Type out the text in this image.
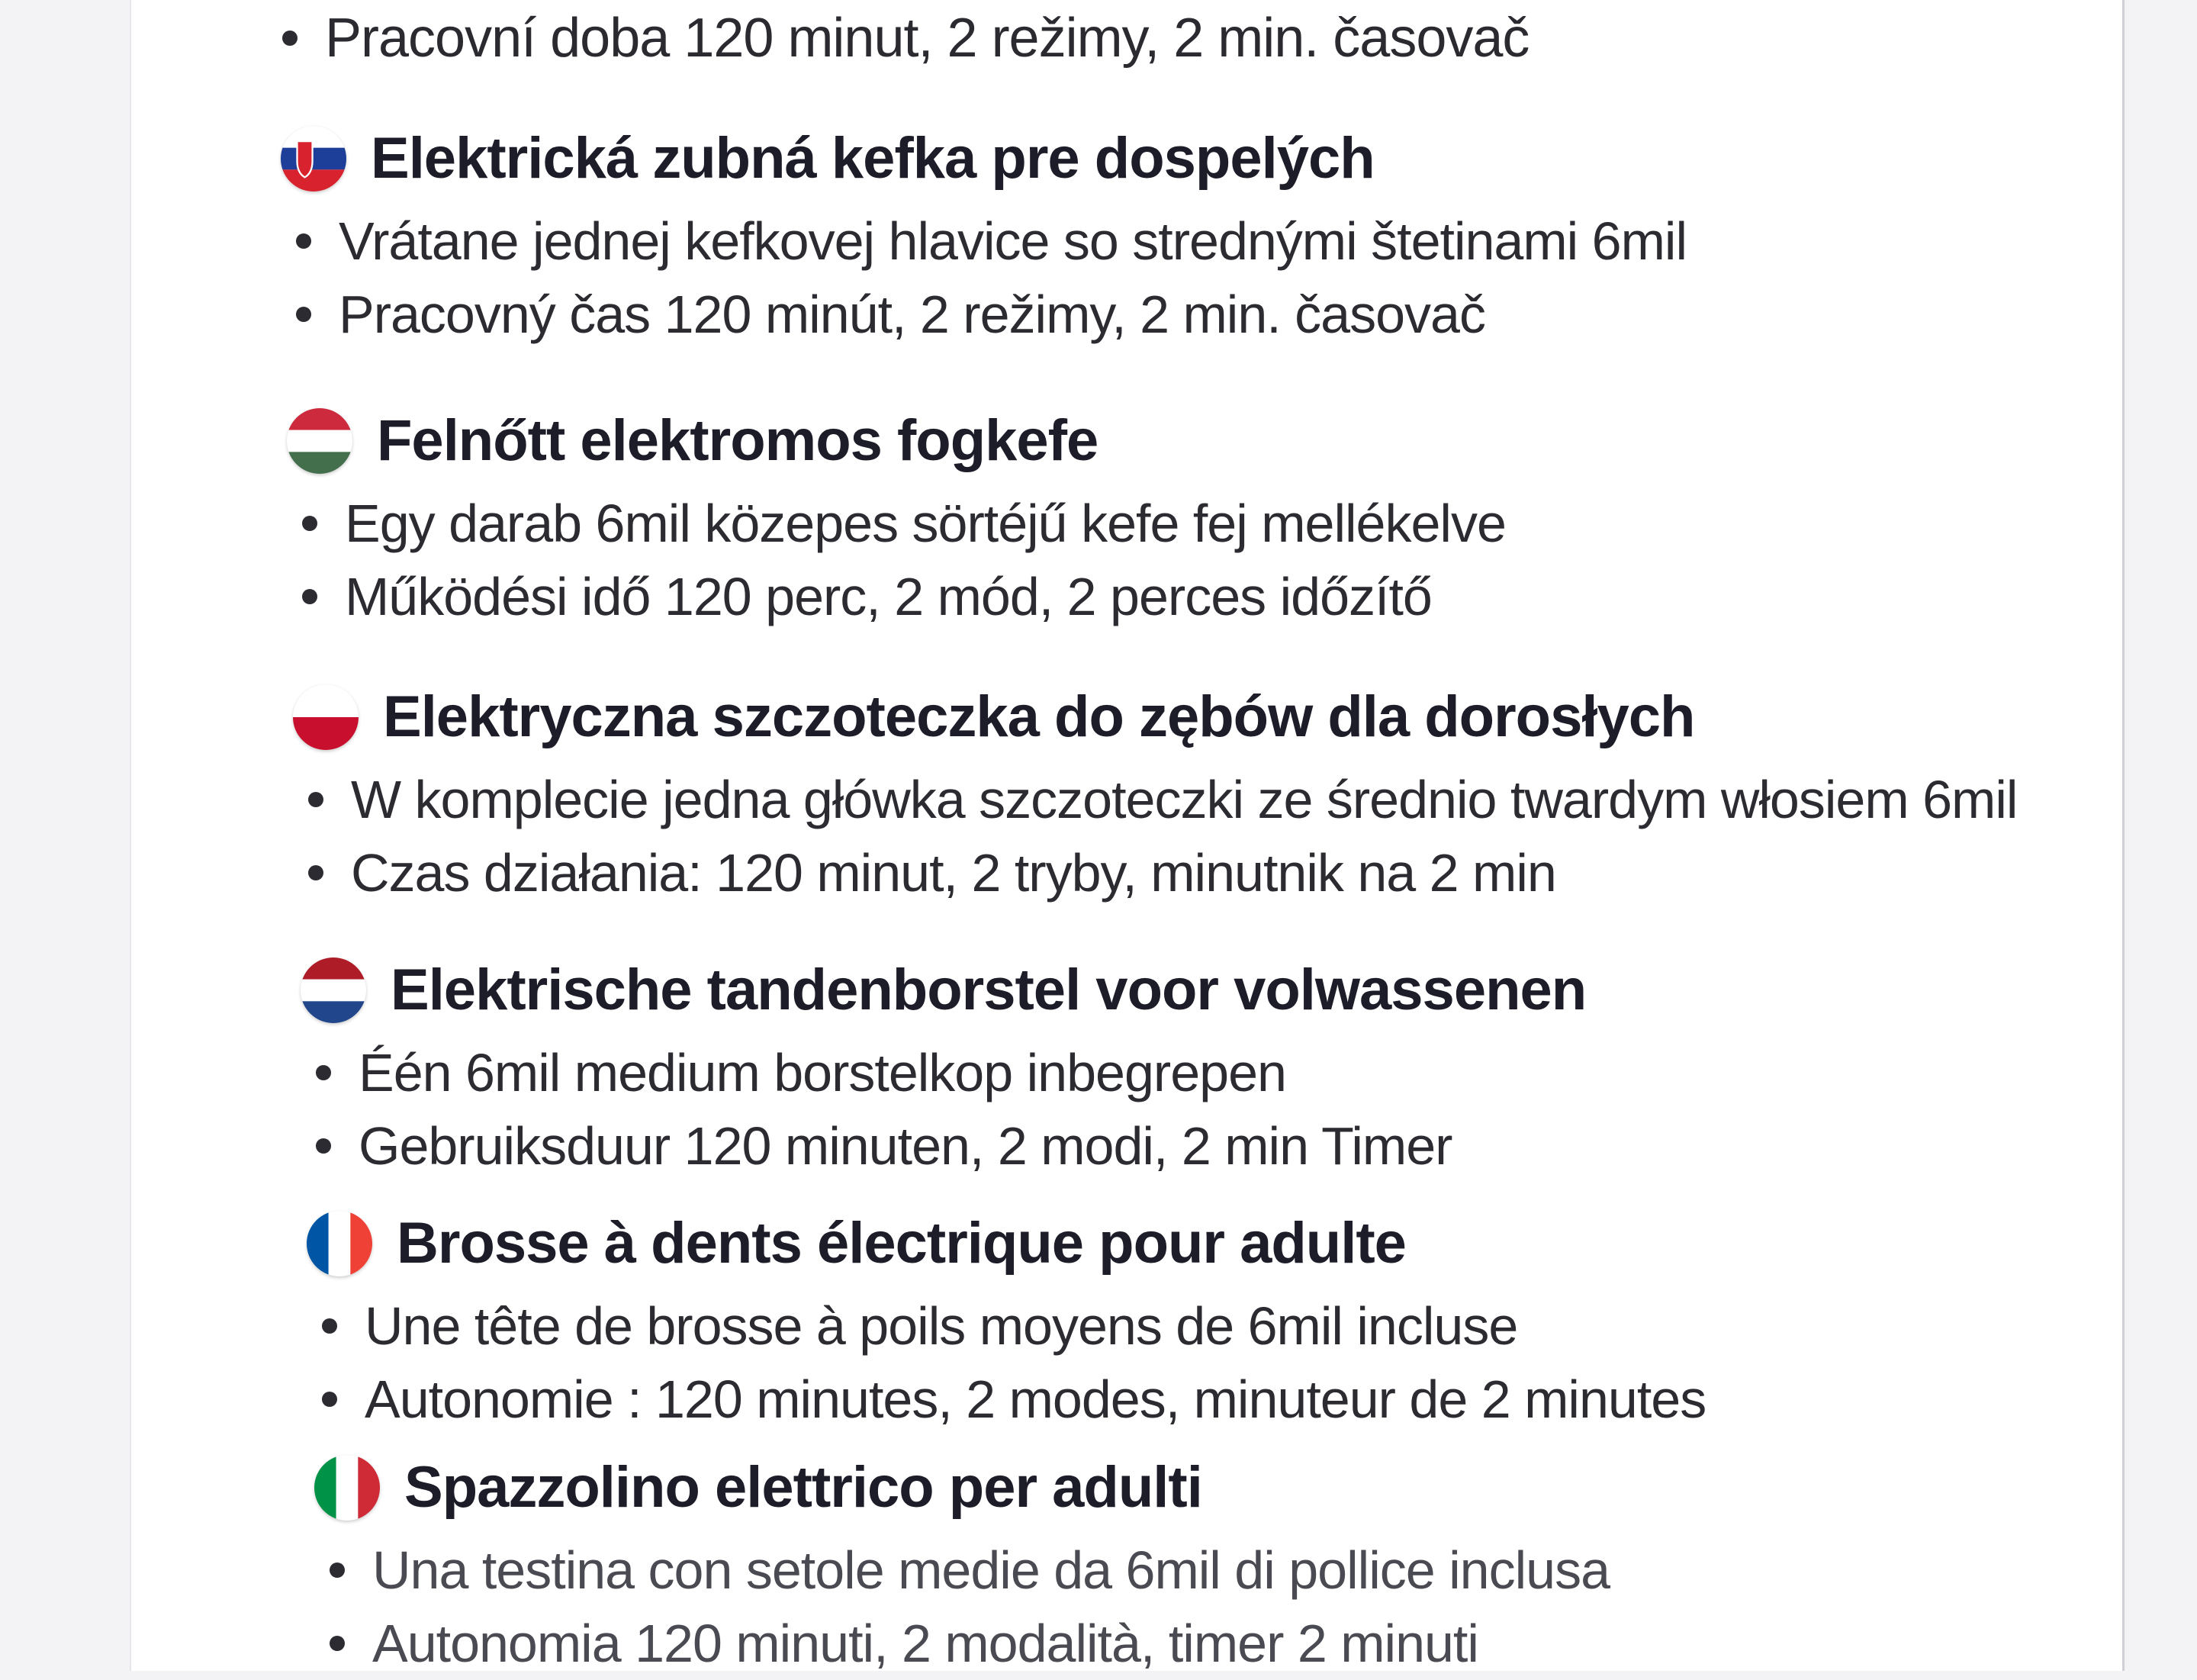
Pracovní doba 120 minut, 2 režimy, 2 min. časovač
Elektrická zubná kefka pre dospelých
Vrátane jednej kefkovej hlavice so strednými štetinami 6mil
Pracovný čas 120 minút, 2 režimy, 2 min. časovač
Felnőtt elektromos fogkefe
Egy darab 6mil közepes sörtéjű kefe fej mellékelve
Működési idő 120 perc, 2 mód, 2 perces időzítő
Elektryczna szczoteczka do zębów dla dorosłych
W komplecie jedna główka szczoteczki ze średnio twardym włosiem 6mil
Czas działania: 120 minut, 2 tryby, minutnik na 2 min
Elektrische tandenborstel voor volwassenen
Één 6mil medium borstelkop inbegrepen
Gebruiksduur 120 minuten, 2 modi, 2 min Timer
Brosse à dents électrique pour adulte
Une tête de brosse à poils moyens de 6mil incluse
Autonomie : 120 minutes, 2 modes, minuteur de 2 minutes
Spazzolino elettrico per adulti
Una testina con setole medie da 6mil di pollice inclusa
Autonomia 120 minuti, 2 modalità, timer 2 minuti
